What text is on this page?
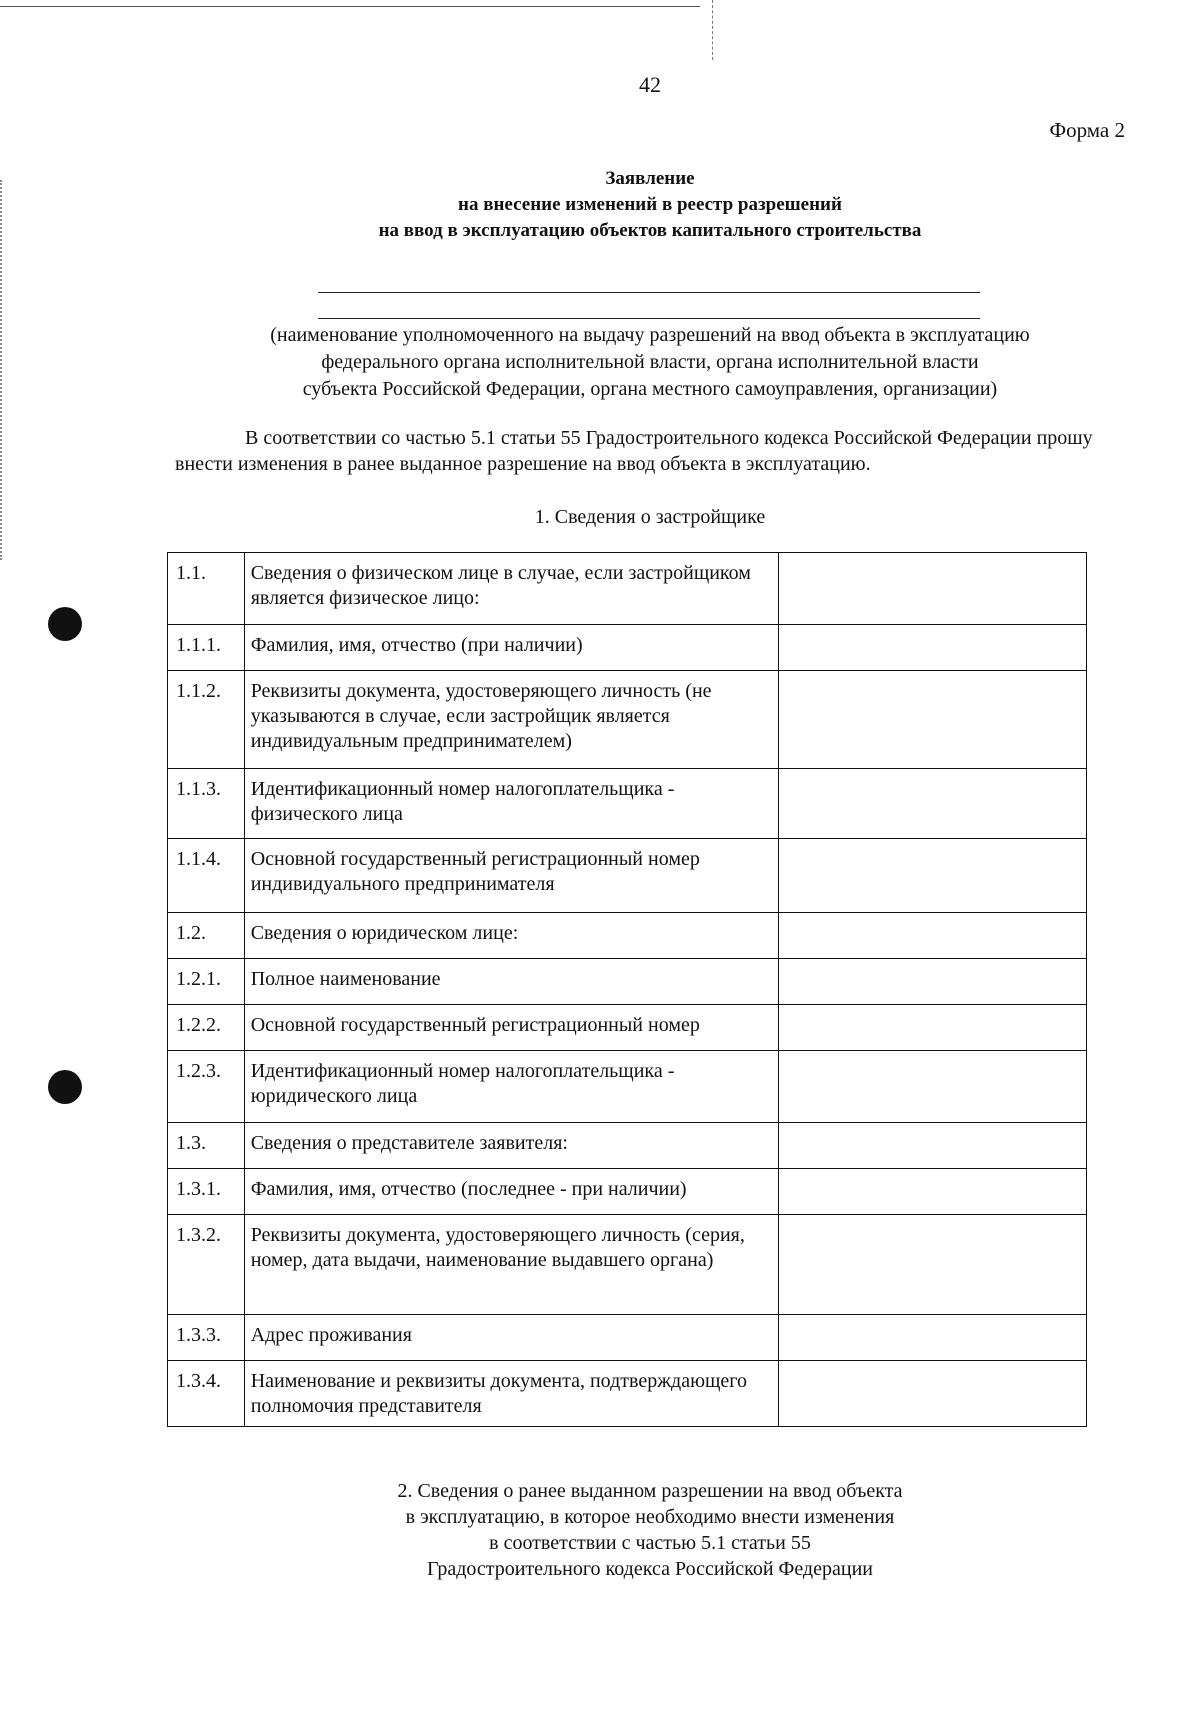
42
Форма 2
Заявление
на внесение изменений в реестр разрешений
на ввод в эксплуатацию объектов капитального строительства
(наименование уполномоченного на выдачу разрешений на ввод объекта в эксплуатацию
федерального органа исполнительной власти, органа исполнительной власти
субъекта Российской Федерации, органа местного самоуправления, организации)
В соответствии со частью 5.1 статьи 55 Градостроительного кодекса Российской Федерации прошу внести изменения в ранее выданное разрешение на ввод объекта в эксплуатацию.
1. Сведения о застройщике
1.1.	Сведения о физическом лице в случае, если застройщиком является физическое лицо:	
1.1.1.	Фамилия, имя, отчество (при наличии)	
1.1.2.	Реквизиты документа, удостоверяющего личность (не указываются в случае, если застройщик является индивидуальным предпринимателем)	
1.1.3.	Идентификационный номер налогоплательщика - физического лица	
1.1.4.	Основной государственный регистрационный номер индивидуального предпринимателя	
1.2.	Сведения о юридическом лице:	
1.2.1.	Полное наименование	
1.2.2.	Основной государственный регистрационный номер	
1.2.3.	Идентификационный номер налогоплательщика - юридического лица	
1.3.	Сведения о представителе заявителя:	
1.3.1.	Фамилия, имя, отчество (последнее - при наличии)	
1.3.2.	Реквизиты документа, удостоверяющего личность (серия, номер, дата выдачи, наименование выдавшего органа)	
1.3.3.	Адрес проживания	
1.3.4.	Наименование и реквизиты документа, подтверждающего полномочия представителя	
2. Сведения о ранее выданном разрешении на ввод объекта
в эксплуатацию, в которое необходимо внести изменения
в соответствии с частью 5.1 статьи 55
Градостроительного кодекса Российской Федерации
